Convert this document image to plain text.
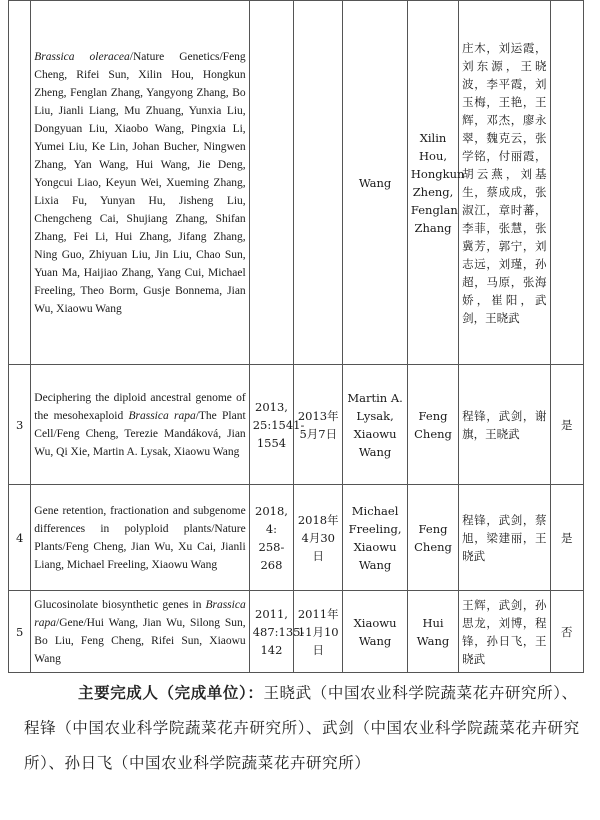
	Brassica oleracea/Nature Genetics/Feng Cheng, Rifei Sun, Xilin Hou, Hongkun Zheng, Fenglan Zhang, Yangyong Zhang, Bo Liu, Jianli Liang, Mu Zhuang, Yunxia Liu, Dongyuan Liu, Xiaobo Wang, Pingxia Li, Yumei Liu, Ke Lin, Johan Bucher, Ningwen Zhang, Yan Wang, Hui Wang, Jie Deng, Yongcui Liao, Keyun Wei, Xueming Zhang, Lixia Fu, Yunyan Hu, Jisheng Liu, Chengcheng Cai, Shujiang Zhang, Shifan Zhang, Fei Li, Hui Zhang, Jifang Zhang, Ning Guo, Zhiyuan Liu, Jin Liu, Chao Sun, Yuan Ma, Haijiao Zhang, Yang Cui, Michael Freeling, Theo Borm, Gusje Bonnema, Jian Wu, Xiaowu Wang			Wang	Xilin Hou, Hongkun Zheng, Fenglan Zhang	庄木，刘运霞，刘东源，王晓波，李平霞，刘玉梅，王艳，王辉，邓杰，廖永翠，魏克云，张学铭，付丽霞，胡云燕，刘基生，蔡成成，张淑江，章时蕃，李菲，张慧，张冀芳，郭宁，刘志远，刘瑾，孙超，马原，张海娇，崔阳，武剑，王晓武	
3	Deciphering the diploid ancestral genome of the mesohexaploid Brassica rapa/The Plant Cell/Feng Cheng, Terezie Mandáková, Jian Wu, Qi Xie, Martin A. Lysak, Xiaowu Wang	2013, 25:1541-1554	2013年5月7日	Martin A. Lysak, Xiaowu Wang	Feng Cheng	程锋，武剑，谢旗，王晓武	是
4	Gene retention, fractionation and subgenome differences in polyploid plants/Nature Plants/Feng Cheng, Jian Wu, Xu Cai, Jianli Liang, Michael Freeling, Xiaowu Wang	2018, 4: 258-268	2018年4月30日	Michael Freeling, Xiaowu Wang	Feng Cheng	程锋，武剑，蔡旭，梁建丽，王晓武	是
5	Glucosinolate biosynthetic genes in Brassica rapa/Gene/Hui Wang, Jian Wu, Silong Sun, Bo Liu, Feng Cheng, Rifei Sun, Xiaowu Wang	2011, 487:135-142	2011年11月10日	Xiaowu Wang	Hui Wang	王辉，武剑，孙思龙，刘博，程锋，孙日飞，王晓武	否
主要完成人（完成单位）：王晓武（中国农业科学院蔬菜花卉研究所）、程锋（中国农业科学院蔬菜花卉研究所）、武剑（中国农业科学院蔬菜花卉研究所）、孙日飞（中国农业科学院蔬菜花卉研究所）
